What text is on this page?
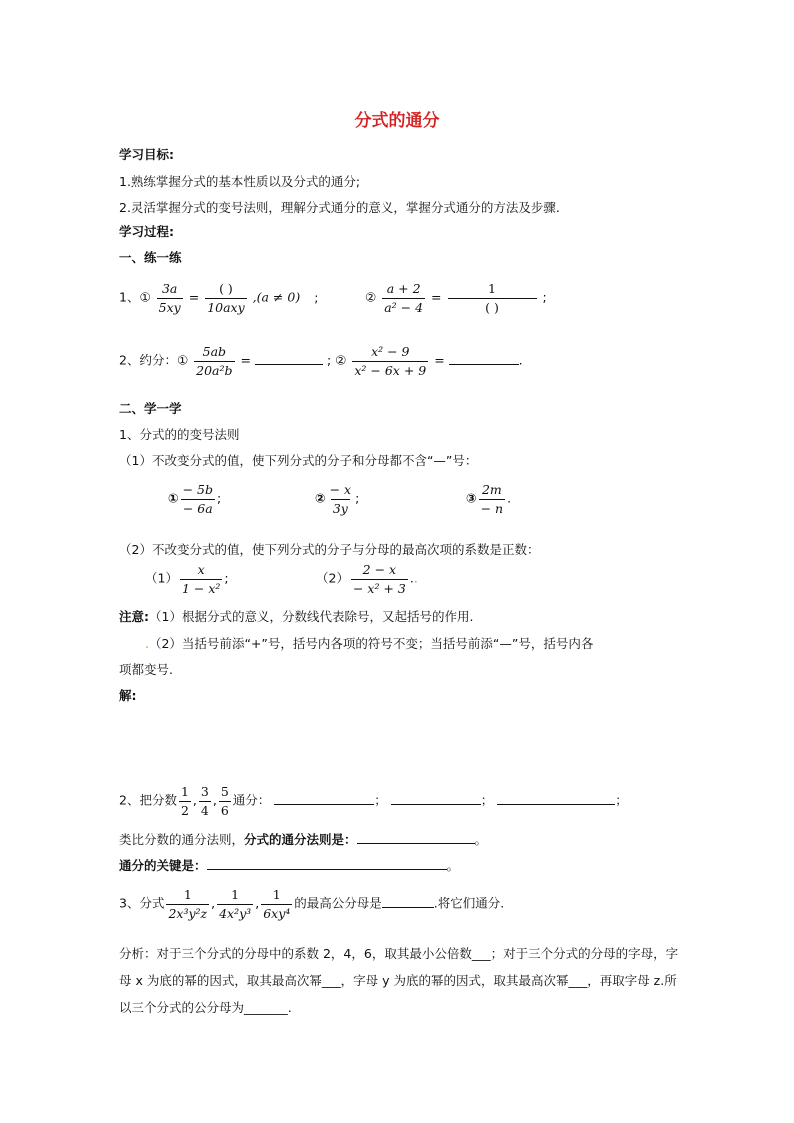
分式的通分
学习目标:
1.熟练掌握分式的基本性质以及分式的通分;
2.灵活掌握分式的变号法则，理解分式通分的意义，掌握分式通分的方法及步骤.
学习过程:
一、练一练
1、① $\frac{3a}{5xy} = \frac{( )}{\text{10axy}} ,(a \ne 0)$ ;	② $\frac{a + 2}{\text{a² − 4}} = \frac{1}{( )}$ ;
2、约分：① $\frac{5ab}{\text{20a²b}}$ =	; ② $\frac{\text{x² − 9}}{\text{x² − 6x + 9}}$ =	.
二、学一学
1、分式的的变号法则
（1）不改变分式的值，使下列分式的分子和分母都不含“—”号：
① $\frac{- 5b}{- 6a}$ ;	② $\frac{- x}{3y}$ ;	③ $\frac{2m}{- n}$ .
（2）不改变分式的值，使下列分式的分子与分母的最高次项的系数是正数：
$(1) \frac{x}{\text{1 − x²}}$ ;	$(2) \frac{2 - x}{\text{− x² + 3}}$ ..
注意:（1）根据分式的意义，分数线代表除号，又起括号的作用.
.（2）当括号前添“+”号，括号内各项的符号不变；当括号前添“—”号，括号内各
项都变号.
解:
2、把分数 $\frac{1}{2}$ , $\frac{3}{4}$ , $\frac{5}{6}$ 通分：	；	；	；
类比分数的通分法则，分式的通分法则是：	。
通分的关键是：	。
3、分式 $\frac{1}{\text{2x³y²z}}$ , $\frac{1}{\text{4x²y³}}$ , $\frac{1}{\text{6xy⁴}}$ 的最高公分母是	.将它们通分.
分析：对于三个分式的分母中的系数 2，4，6，取其最小公倍数___；对于三个分式的分母的字母，字母 x 为底的幂的因式，取其最高次幂___，字母 y 为底的幂的因式，取其最高次幂___，再取字母 z.所以三个分式的公分母为_______.
